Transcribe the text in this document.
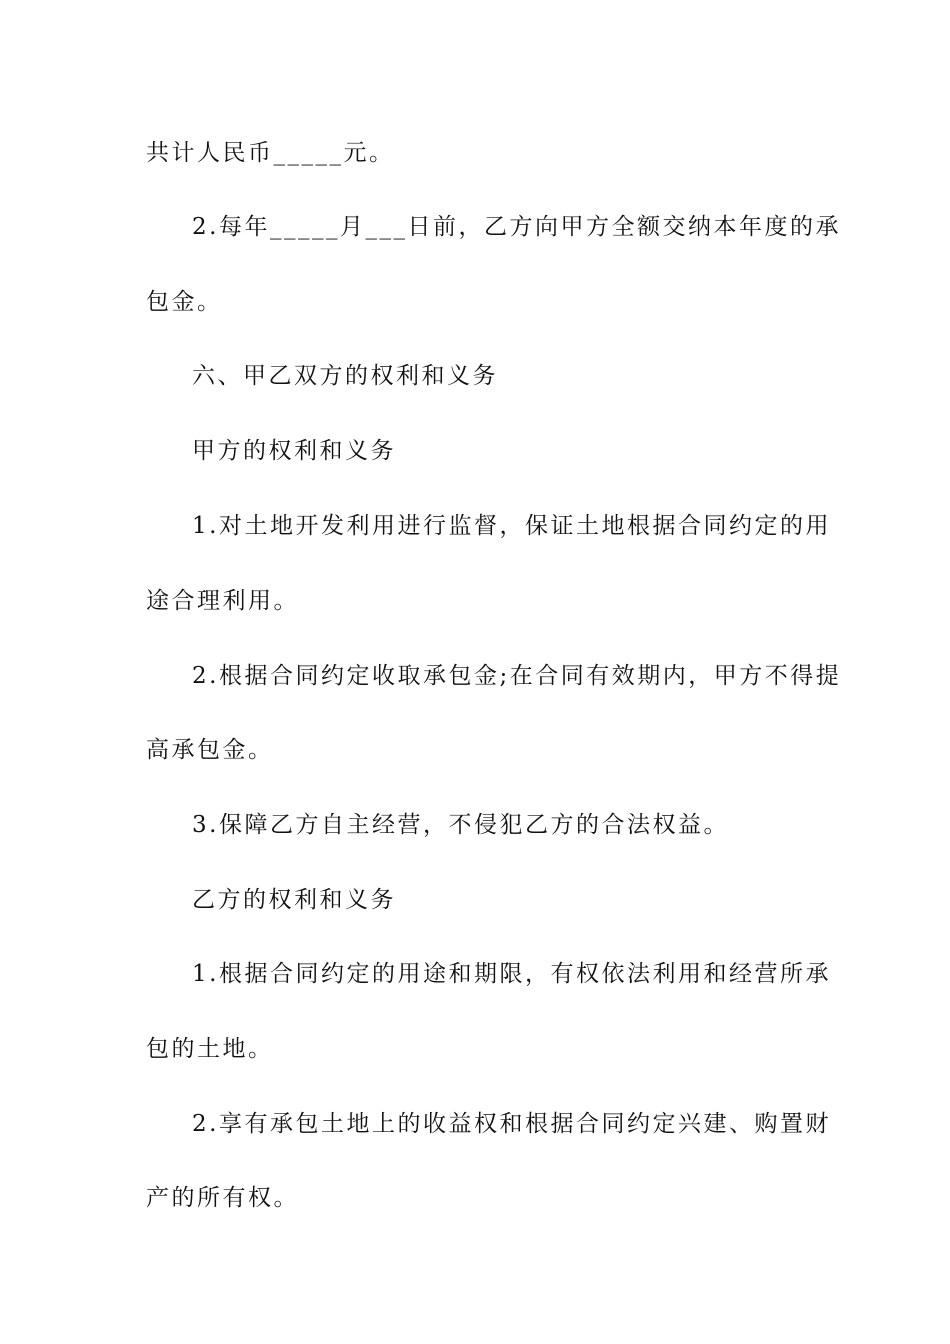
共计人民币_____元。
2.每年_____月___日前，乙方向甲方全额交纳本年度的承
包金。
六、甲乙双方的权利和义务
甲方的权利和义务
1.对土地开发利用进行监督，保证土地根据合同约定的用
途合理利用。
2.根据合同约定收取承包金;在合同有效期内，甲方不得提
高承包金。
3.保障乙方自主经营，不侵犯乙方的合法权益。
乙方的权利和义务
1.根据合同约定的用途和期限，有权依法利用和经营所承
包的土地。
2.享有承包土地上的收益权和根据合同约定兴建、购置财
产的所有权。
